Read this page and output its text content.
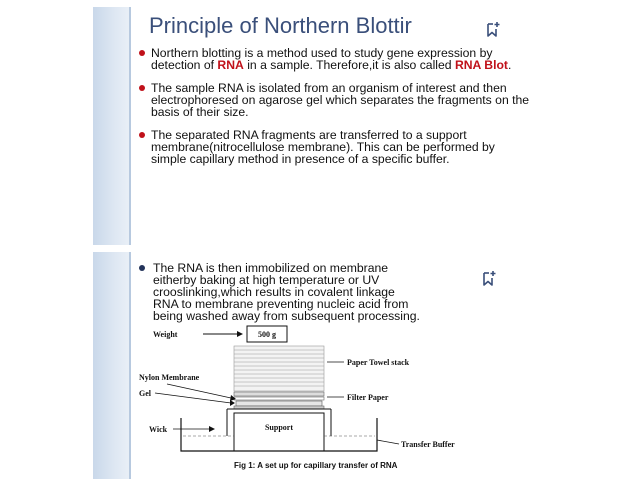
Principle of Northern Blottir
Northern blotting is a method used to study gene expression by detection of RNA in a sample. Therefore,it is also called RNA Blot.
The sample RNA is isolated from an organism of interest and then electrophoresed on agarose gel which separates the fragments on the basis of their size.
The separated RNA fragments are transferred to a support membrane(nitrocellulose membrane). This can be performed by simple capillary method in presence of a specific buffer.
The RNA is then immobilized on membrane
eitherby baking at high temperature or UV
crooslinking,which results in covalent linkage
RNA to membrane preventing nucleic acid from
being washed away from subsequent processing.
Weight	500 g
Paper Towel stack
Nylon Membrane
Gel	Filter Paper
Wick	Support
Transfer Buffer
Fig 1: A set up for capillary transfer of RNA
